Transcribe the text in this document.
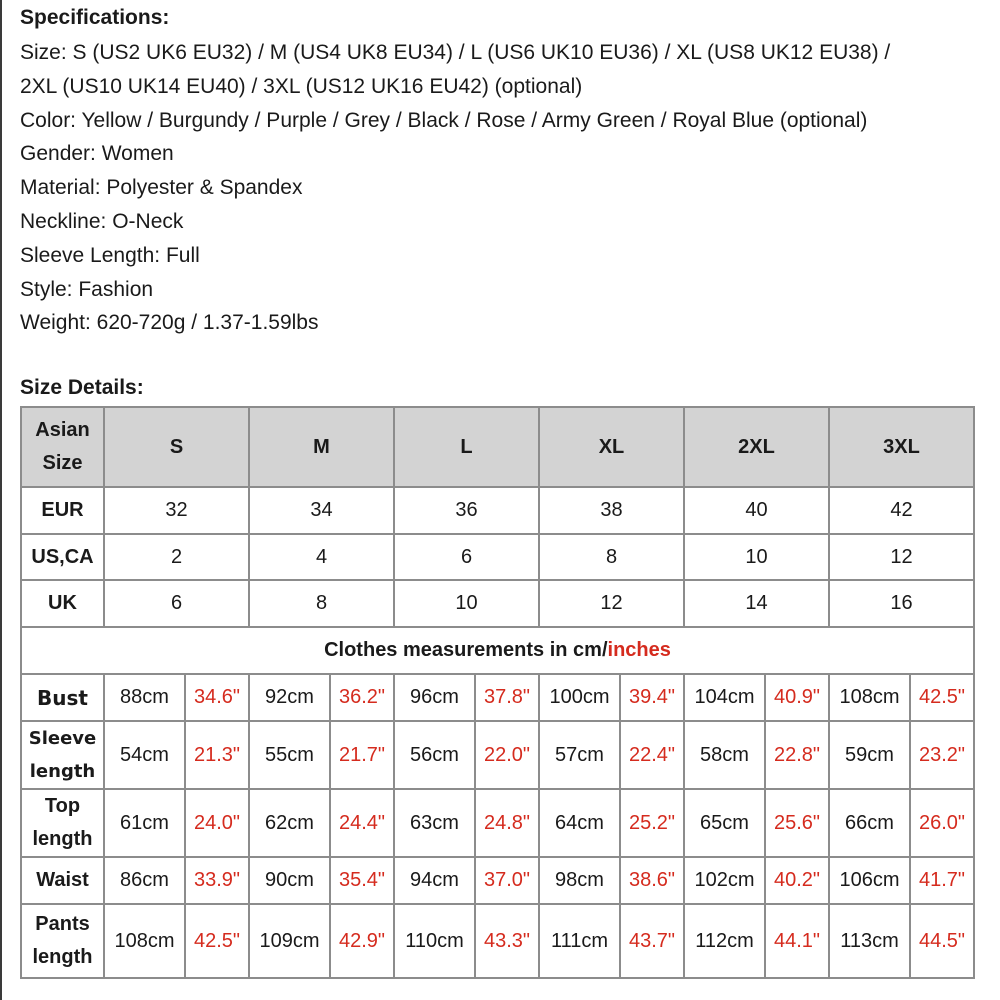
Specifications:
Size: S (US2 UK6 EU32) / M (US4 UK8 EU34) / L (US6 UK10 EU36) / XL (US8 UK12 EU38) /
2XL (US10 UK14 EU40) / 3XL (US12 UK16 EU42) (optional)
Color: Yellow / Burgundy / Purple / Grey / Black / Rose / Army Green / Royal Blue (optional)
Gender: Women
Material: Polyester & Spandex
Neckline: O-Neck
Sleeve Length: Full
Style: Fashion
Weight: 620-720g / 1.37-1.59lbs
Size Details:
Asian
Size	S		M		L		XL		2XL		3XL	
EUR	32		34		36		38		40		42	
US,CA	2		4		6		8		10		12	
UK	6		8		10		12		14		16	
Clothes measurements in cm/inches												
Bust	88cm	34.6"	92cm	36.2"	96cm	37.8"	100cm	39.4"	104cm	40.9"	108cm	42.5"
Sleeve
length	54cm	21.3"	55cm	21.7"	56cm	22.0"	57cm	22.4"	58cm	22.8"	59cm	23.2"
Top
length	61cm	24.0"	62cm	24.4"	63cm	24.8"	64cm	25.2"	65cm	25.6"	66cm	26.0"
Waist	86cm	33.9"	90cm	35.4"	94cm	37.0"	98cm	38.6"	102cm	40.2"	106cm	41.7"
Pants
length	108cm	42.5"	109cm	42.9"	110cm	43.3"	111cm	43.7"	112cm	44.1"	113cm	44.5"
